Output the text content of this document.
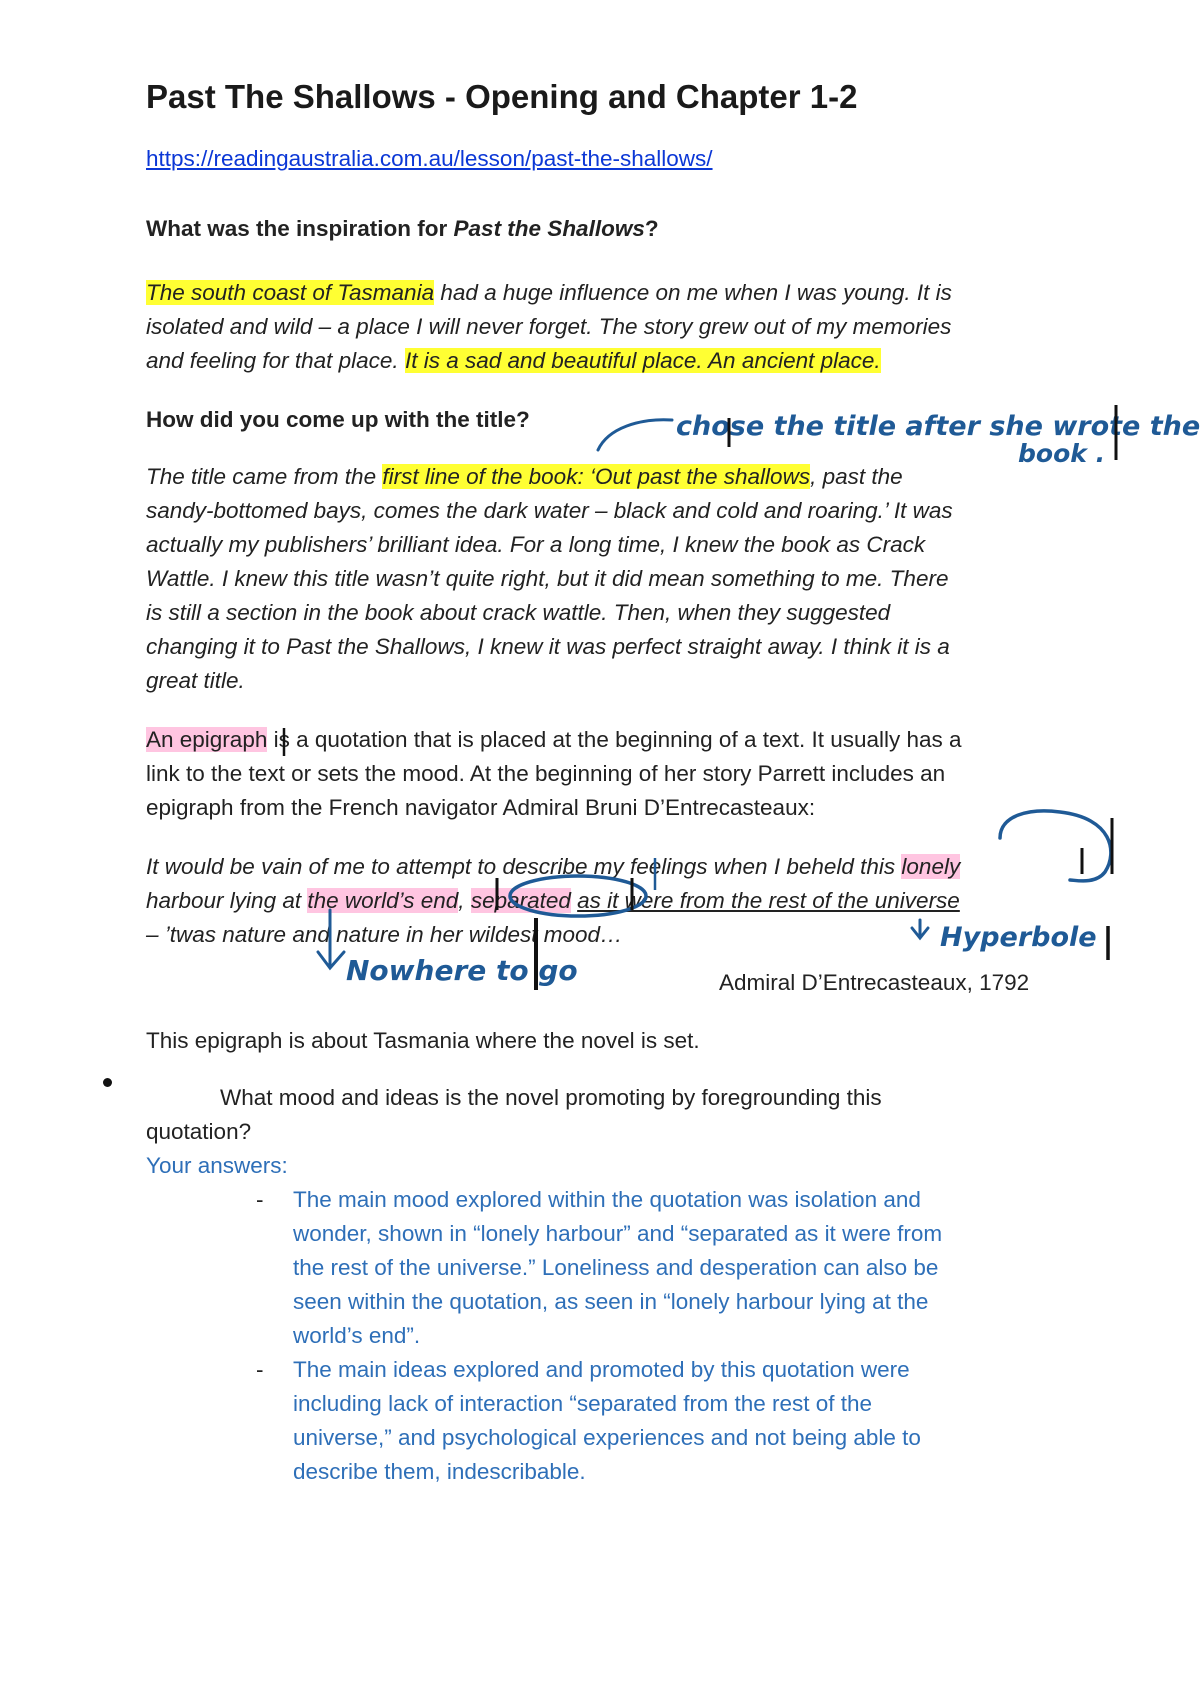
Past The Shallows - Opening and Chapter 1-2
https://readingaustralia.com.au/lesson/past-the-shallows/
What was the inspiration for Past the Shallows?
The south coast of Tasmania had a huge influence on me when I was young. It is
isolated and wild – a place I will never forget. The story grew out of my memories
and feeling for that place. It is a sad and beautiful place. An ancient place.
How did you come up with the title?
The title came from the first line of the book: ‘Out past the shallows, past the
sandy-bottomed bays, comes the dark water – black and cold and roaring.’ It was
actually my publishers’ brilliant idea. For a long time, I knew the book as Crack
Wattle. I knew this title wasn’t quite right, but it did mean something to me. There
is still a section in the book about crack wattle. Then, when they suggested
changing it to Past the Shallows, I knew it was perfect straight away. I think it is a
great title.
An epigraph is a quotation that is placed at the beginning of a text. It usually has a
link to the text or sets the mood. At the beginning of her story Parrett includes an
epigraph from the French navigator Admiral Bruni D’Entrecasteaux:
It would be vain of me to attempt to describe my feelings when I beheld this lonely
harbour lying at the world’s end, separated as it were from the rest of the universe
– ’twas nature and nature in her wildest mood…
Admiral D’Entrecasteaux, 1792
This epigraph is about Tasmania where the novel is set.
What mood and ideas is the novel promoting by foregrounding this
quotation?
Your answers:
- The main mood explored within the quotation was isolation and
wonder, shown in “lonely harbour” and “separated as it were from
the rest of the universe.” Loneliness and desperation can also be
seen within the quotation, as seen in “lonely harbour lying at the
world’s end”.
- The main ideas explored and promoted by this quotation were
including lack of interaction “separated from the rest of the
universe,” and psychological experiences and not being able to
describe them, indescribable.
chose the title after she wrote the
book .
Nowhere to go
Hyperbole
